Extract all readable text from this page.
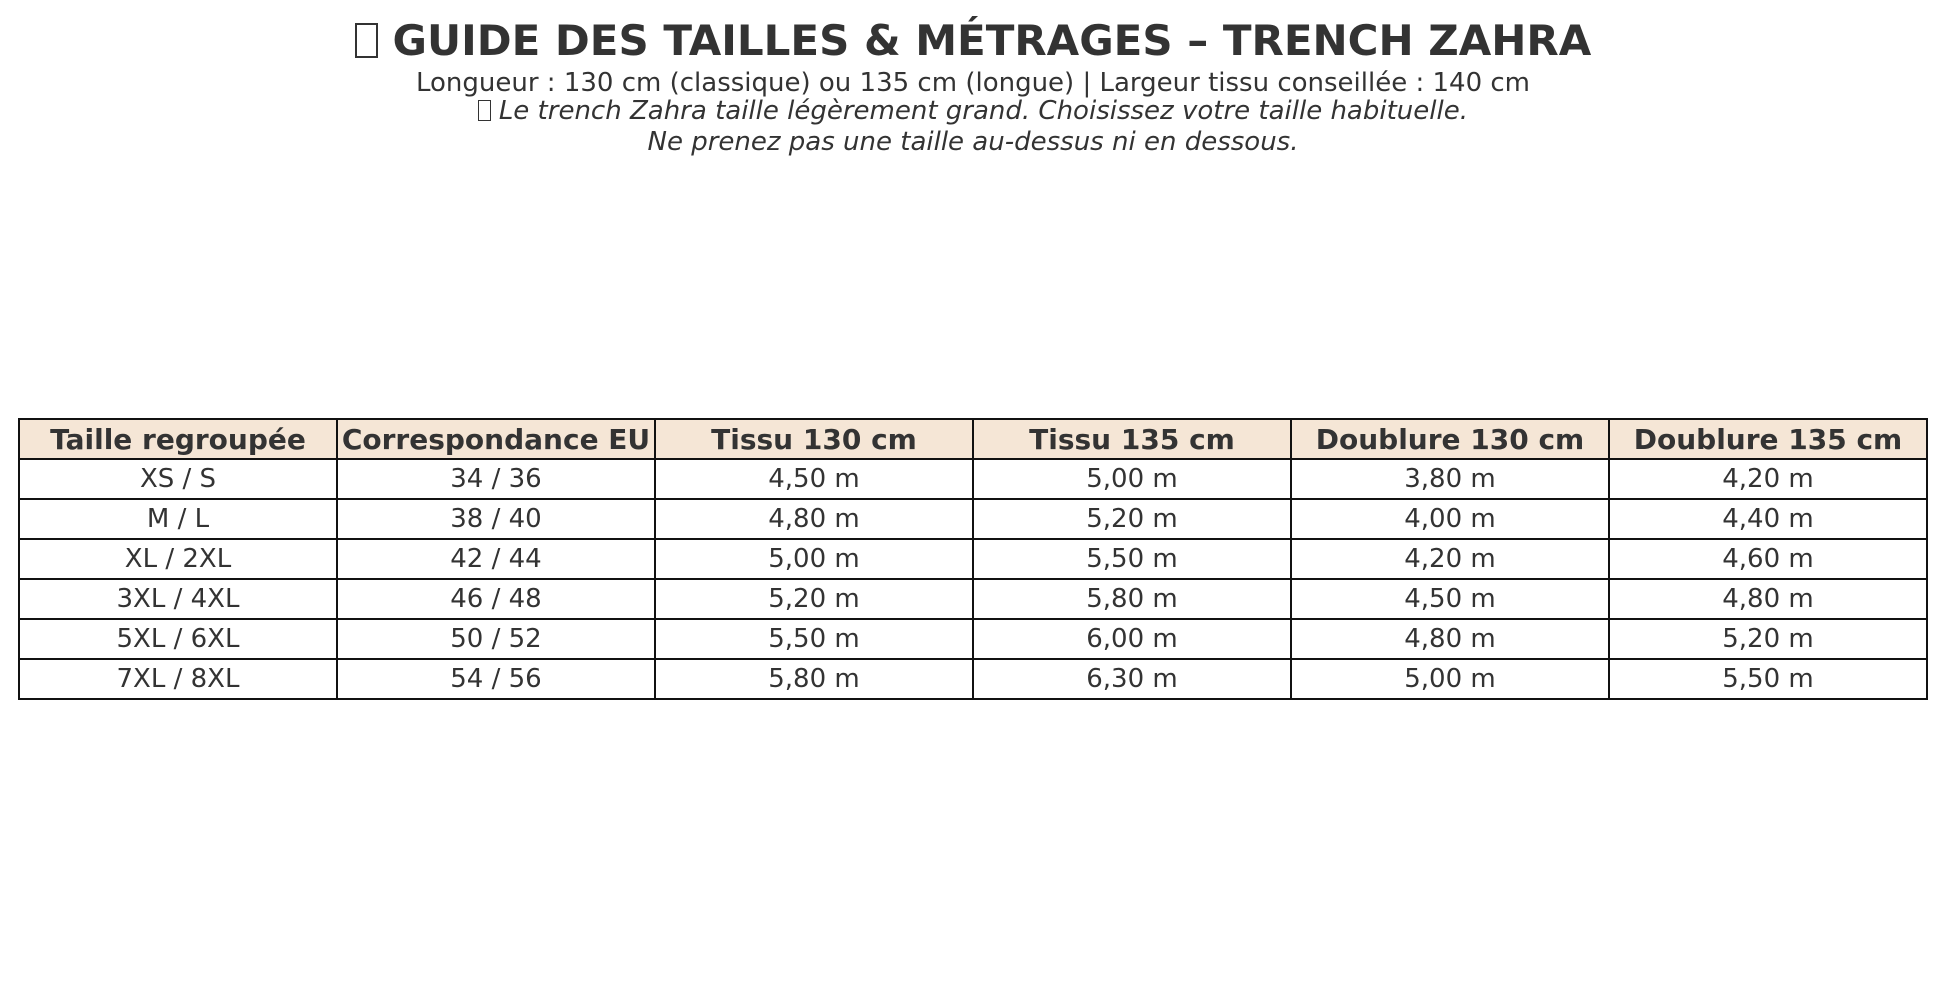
GUIDE DES TAILLES & MÉTRAGES – TRENCH ZAHRA
Longueur : 130 cm (classique) ou 135 cm (longue) | Largeur tissu conseillée : 140 cm
Le trench Zahra taille légèrement grand. Choisissez votre taille habituelle.
Ne prenez pas une taille au-dessus ni en dessous.
Taille regroupée	Correspondance EU	Tissu 130 cm	Tissu 135 cm	Doublure 130 cm	Doublure 135 cm
XS / S	34 / 36	4,50 m	5,00 m	3,80 m	4,20 m
M / L	38 / 40	4,80 m	5,20 m	4,00 m	4,40 m
XL / 2XL	42 / 44	5,00 m	5,50 m	4,20 m	4,60 m
3XL / 4XL	46 / 48	5,20 m	5,80 m	4,50 m	4,80 m
5XL / 6XL	50 / 52	5,50 m	6,00 m	4,80 m	5,20 m
7XL / 8XL	54 / 56	5,80 m	6,30 m	5,00 m	5,50 m
